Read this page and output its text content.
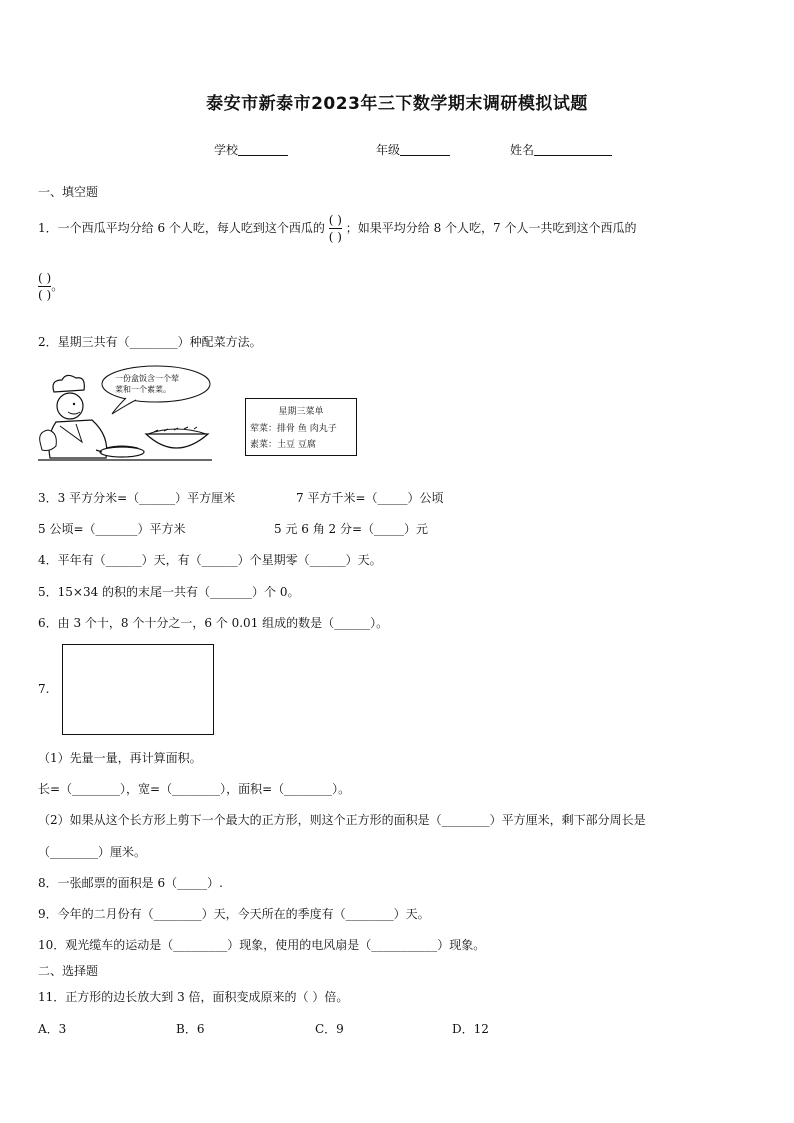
泰安市新泰市2023年三下数学期末调研模拟试题
学校	年级	姓名
一、填空题
1．一个西瓜平均分给 6 个人吃，每人吃到这个西瓜的 $\frac{( )}{( )}$ ；如果平均分给 8 个人吃，7 个人一共吃到这个西瓜的
$\frac{( )}{( )}$ 。
2．星期三共有（________）种配菜方法。
一份盒饭含一个荤
菜和一个素菜。
星期三菜单
荤菜：排骨 鱼 肉丸子
素菜：土豆 豆腐
3．3 平方分米=（______）平方厘米	7 平方千米=（_____）公顷
5 公顷=（_______）平方米	5 元 6 角 2 分=（_____）元
4．平年有（______）天，有（______）个星期零（______）天。
5．15×34 的积的末尾一共有（_______）个 0。
6．由 3 个十，8 个十分之一，6 个 0.01 组成的数是（______）。
7.
（1）先量一量，再计算面积。
长=（________），宽=（________），面积=（________）。
（2）如果从这个长方形上剪下一个最大的正方形，则这个正方形的面积是（________）平方厘米，剩下部分周长是
（________）厘米。
8．一张邮票的面积是 6（_____）.
9．今年的二月份有（________）天，今天所在的季度有（________）天。
10．观光缆车的运动是（_________）现象，使用的电风扇是（___________）现象。
二、选择题
11．正方形的边长放大到 3 倍，面积变成原来的（ ）倍。
A．3	B．6	C．9	D．12
